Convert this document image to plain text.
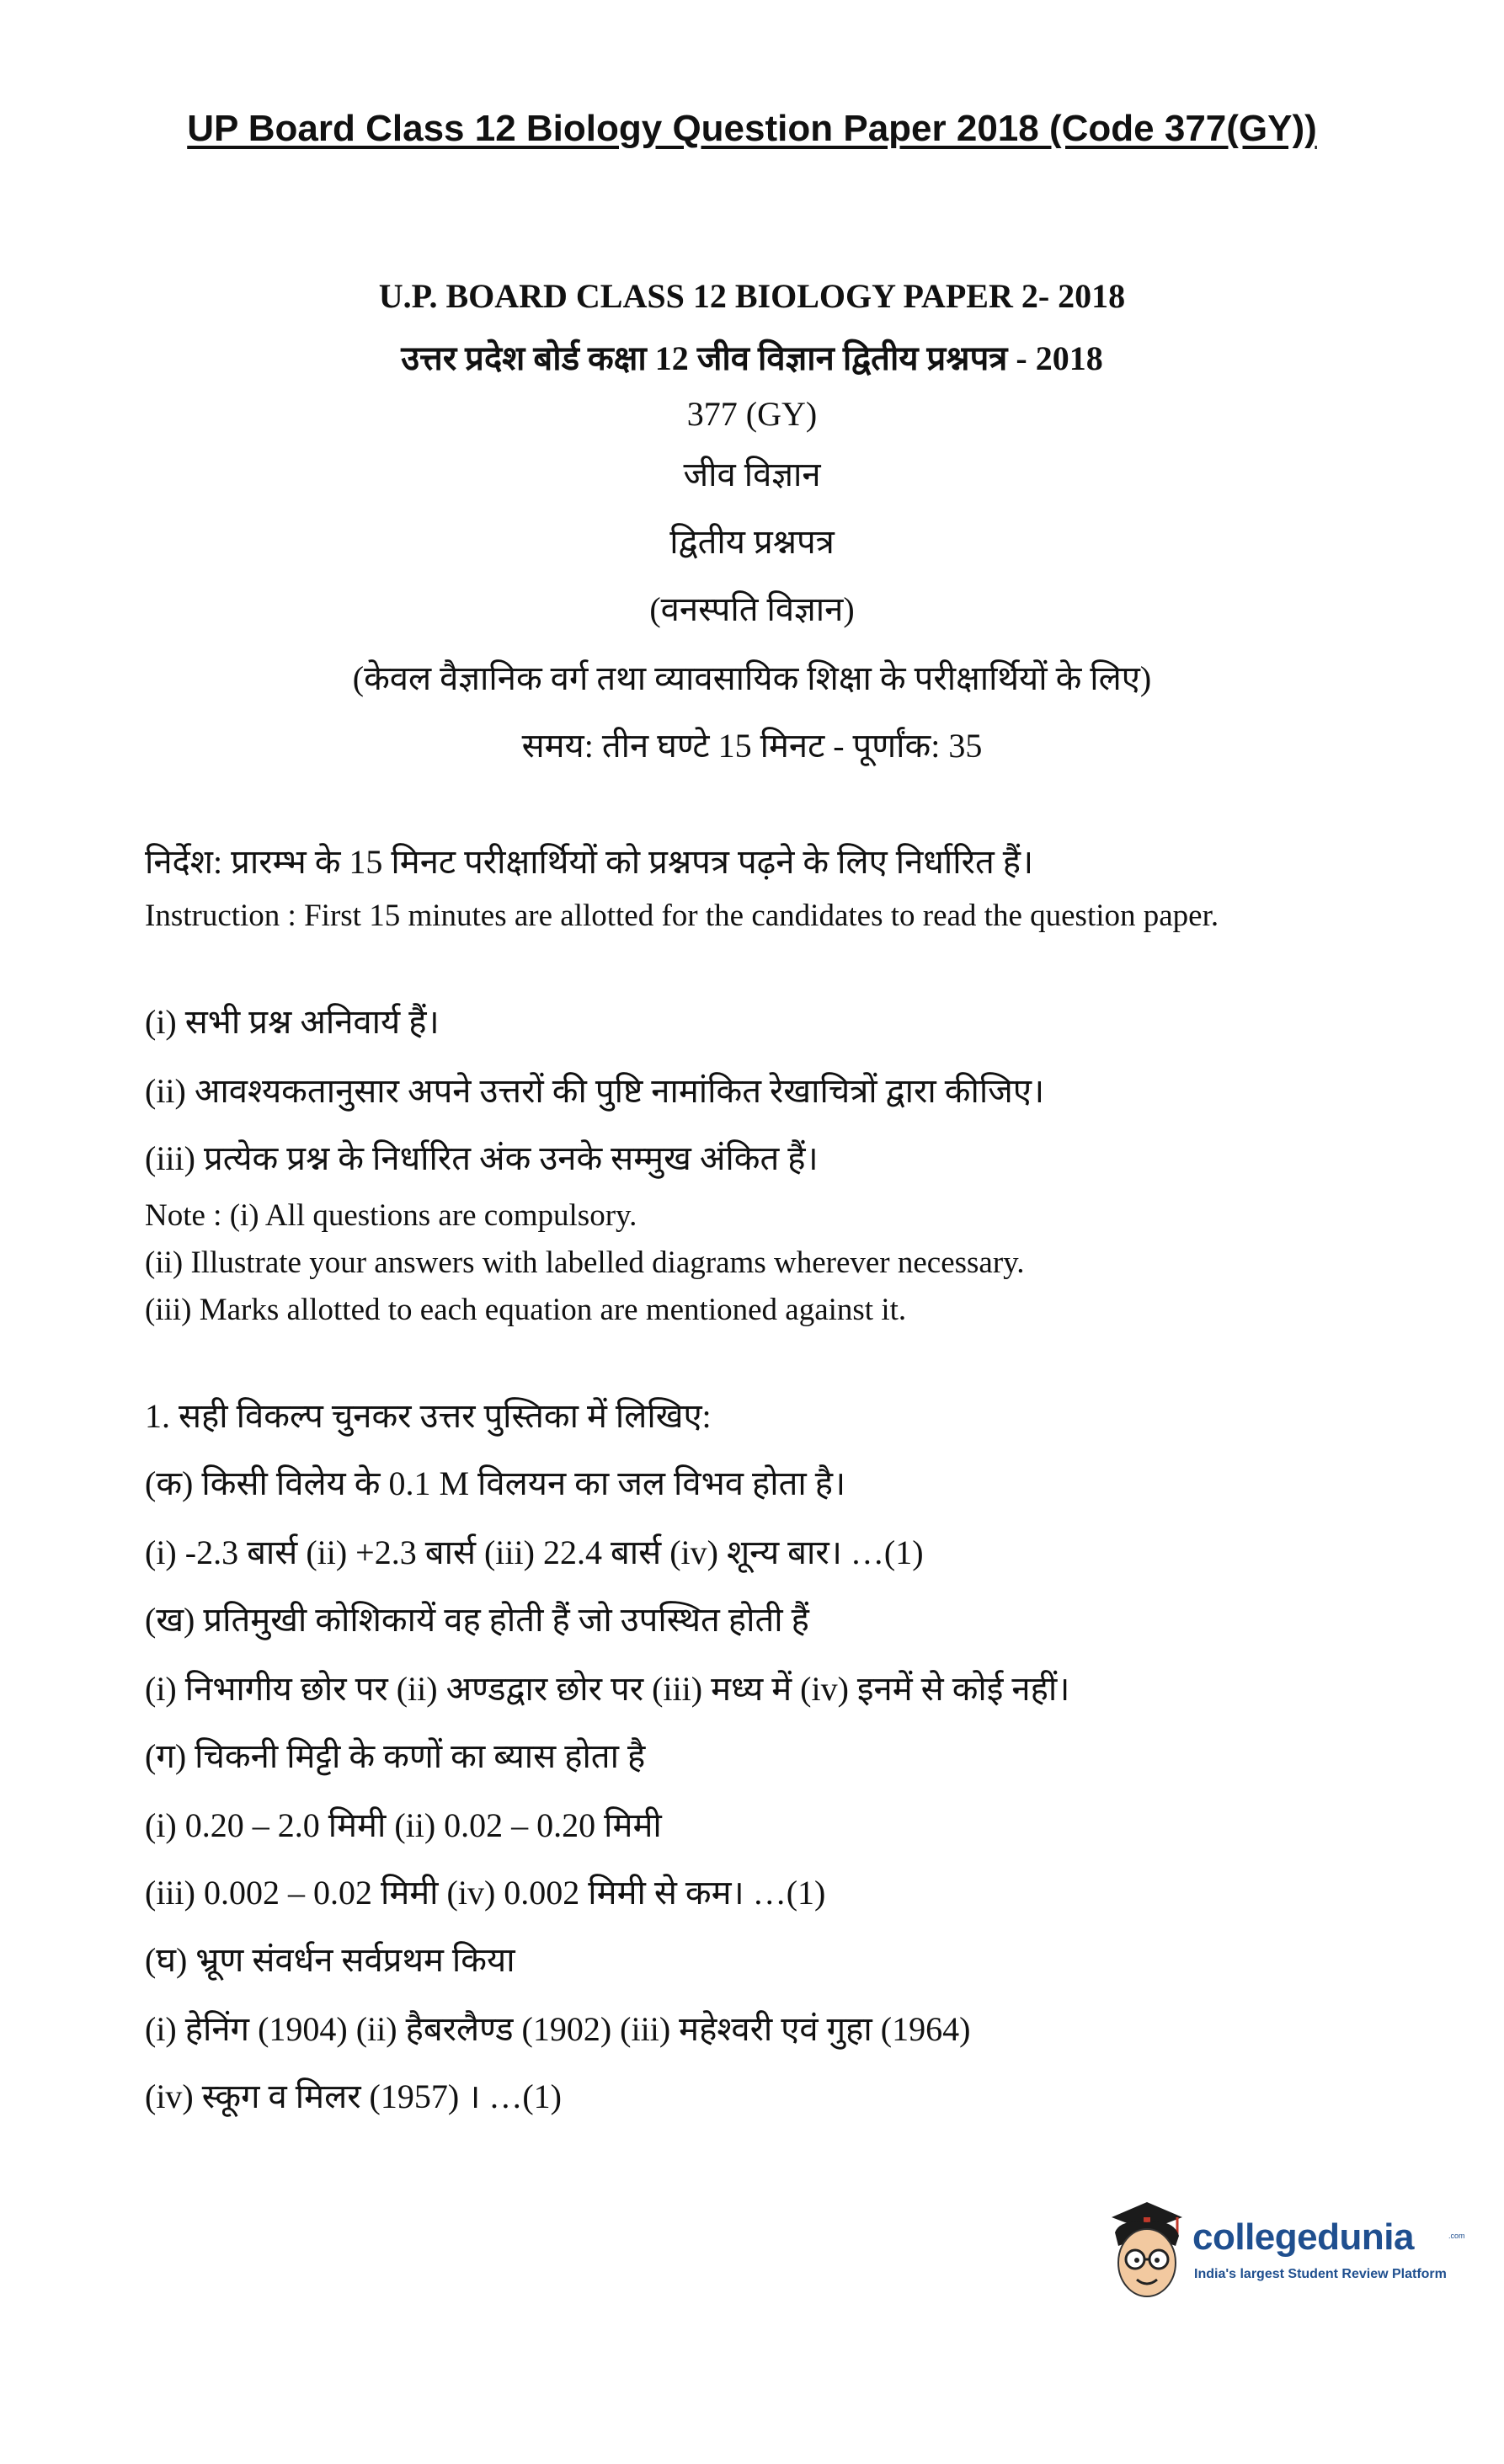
UP Board Class 12 Biology Question Paper 2018 (Code 377(GY))
U.P. BOARD CLASS 12 BIOLOGY PAPER 2- 2018
उत्तर प्रदेश बोर्ड कक्षा 12 जीव विज्ञान द्वितीय प्रश्नपत्र - 2018
377 (GY)
जीव विज्ञान
द्वितीय प्रश्नपत्र
(वनस्पति विज्ञान)
(केवल वैज्ञानिक वर्ग तथा व्यावसायिक शिक्षा के परीक्षार्थियों के लिए)
समय: तीन घण्टे 15 मिनट - पूर्णांक: 35
निर्देश: प्रारम्भ के 15 मिनट परीक्षार्थियों को प्रश्नपत्र पढ़ने के लिए निर्धारित हैं।
Instruction : First 15 minutes are allotted for the candidates to read the question paper.
(i) सभी प्रश्न अनिवार्य हैं।
(ii) आवश्यकतानुसार अपने उत्तरों की पुष्टि नामांकित रेखाचित्रों द्वारा कीजिए।
(iii) प्रत्येक प्रश्न के निर्धारित अंक उनके सम्मुख अंकित हैं।
Note : (i) All questions are compulsory.
(ii) Illustrate your answers with labelled diagrams wherever necessary.
(iii) Marks allotted to each equation are mentioned against it.
1. सही विकल्प चुनकर उत्तर पुस्तिका में लिखिए:
(क) किसी विलेय के 0.1 M विलयन का जल विभव होता है।
(i) -2.3 बार्स (ii) +2.3 बार्स (iii) 22.4 बार्स (iv) शून्य बार। …(1)
(ख) प्रतिमुखी कोशिकायें वह होती हैं जो उपस्थित होती हैं
(i) निभागीय छोर पर (ii) अण्डद्वार छोर पर (iii) मध्य में (iv) इनमें से कोई नहीं।
(ग) चिकनी मिट्टी के कणों का ब्यास होता है
(i) 0.20 – 2.0 मिमी (ii) 0.02 – 0.20 मिमी
(iii) 0.002 – 0.02 मिमी (iv) 0.002 मिमी से कम। …(1)
(घ) भ्रूण संवर्धन सर्वप्रथम किया
(i) हेनिंग (1904) (ii) हैबरलैण्ड (1902) (iii) महेश्वरी एवं गुहा (1964)
(iv) स्कूग व मिलर (1957) । …(1)
collegedunia	.com
India's largest Student Review Platform
